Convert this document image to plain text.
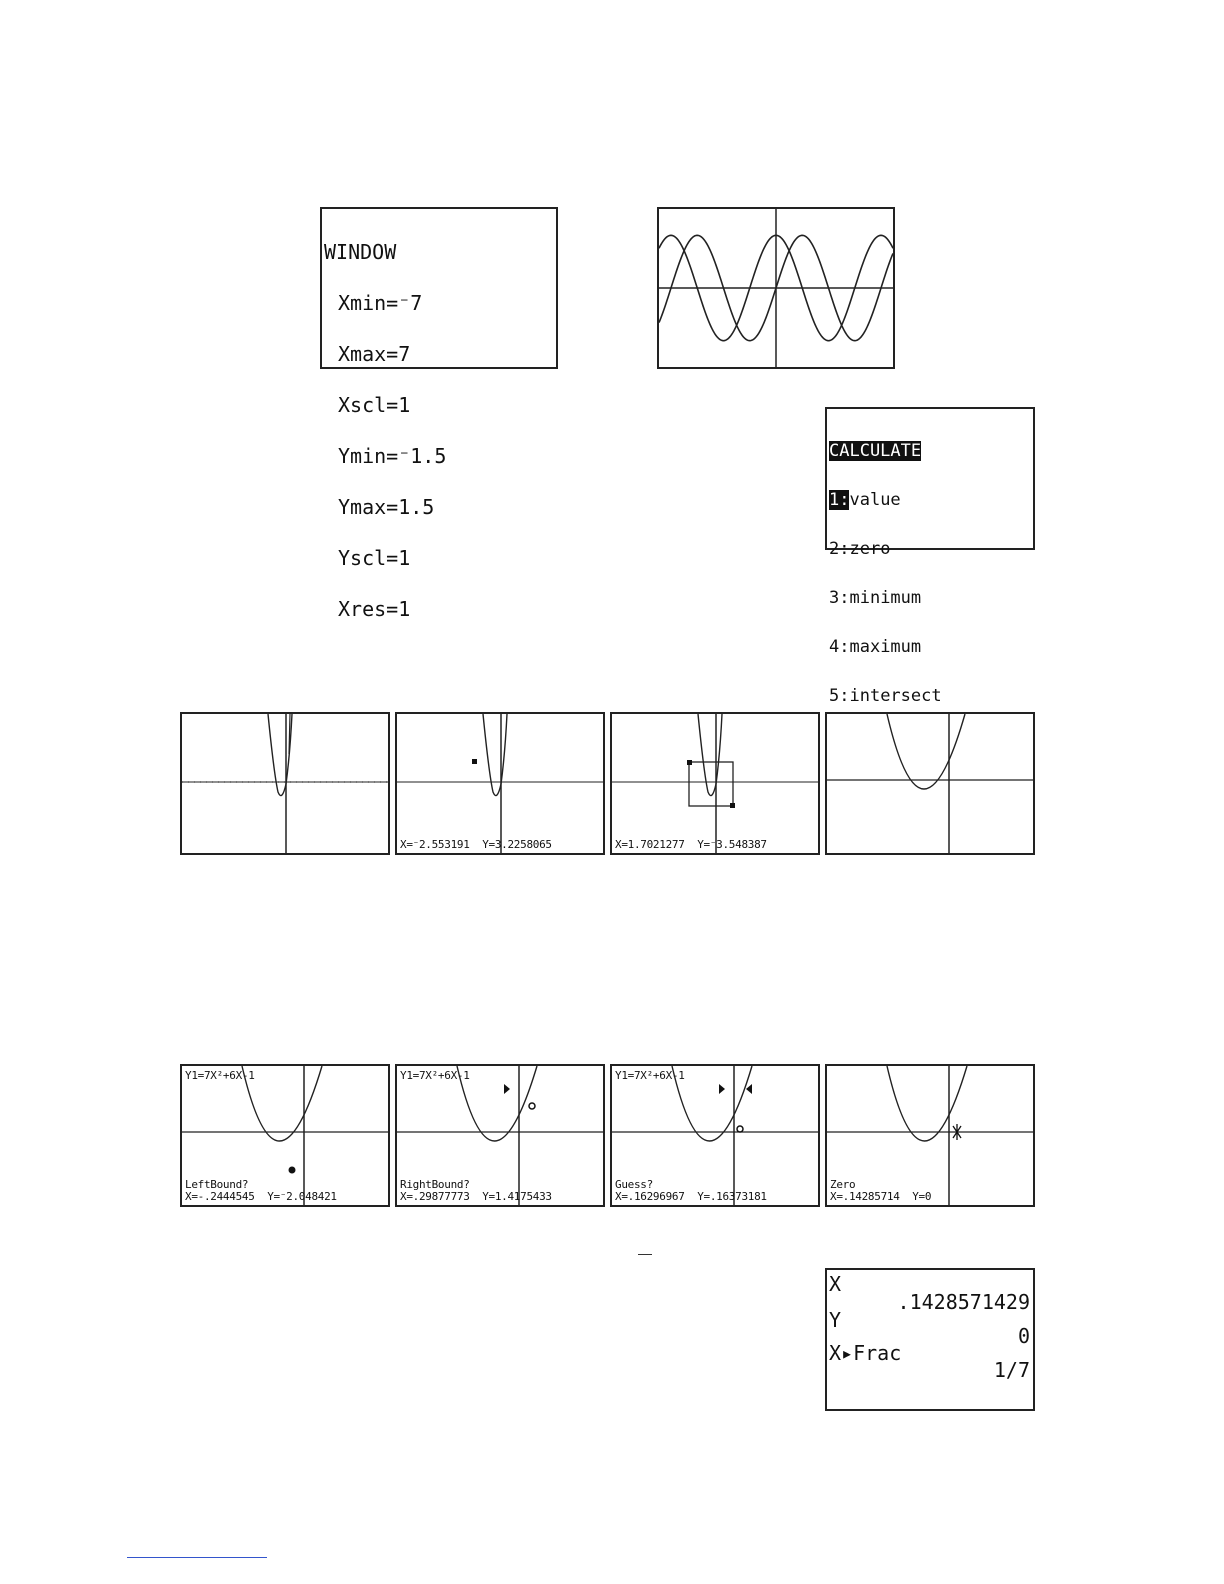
WINDOW

Xmin=⁻7

Xmax=7

Xscl=1

Ymin=⁻1.5

Ymax=1.5

Yscl=1

Xres=1

CALCULATE

1:value

2:zero

3:minimum

4:maximum

5:intersect

X=⁻2.553191  Y=3.2258065	X=1.7021277  Y=⁻3.548387
Y1=7X²+6X-1
LeftBound?
X=-.2444545  Y=⁻2.048421
Y1=7X²+6X-1
RightBound?
X=.29877773  Y=1.4175433
Y1=7X²+6X-1
Guess?
X=.16296967  Y=.16373181
Zero
X=.14285714  Y=0
X
.1428571429
Y
0
X▸Frac
1/7
